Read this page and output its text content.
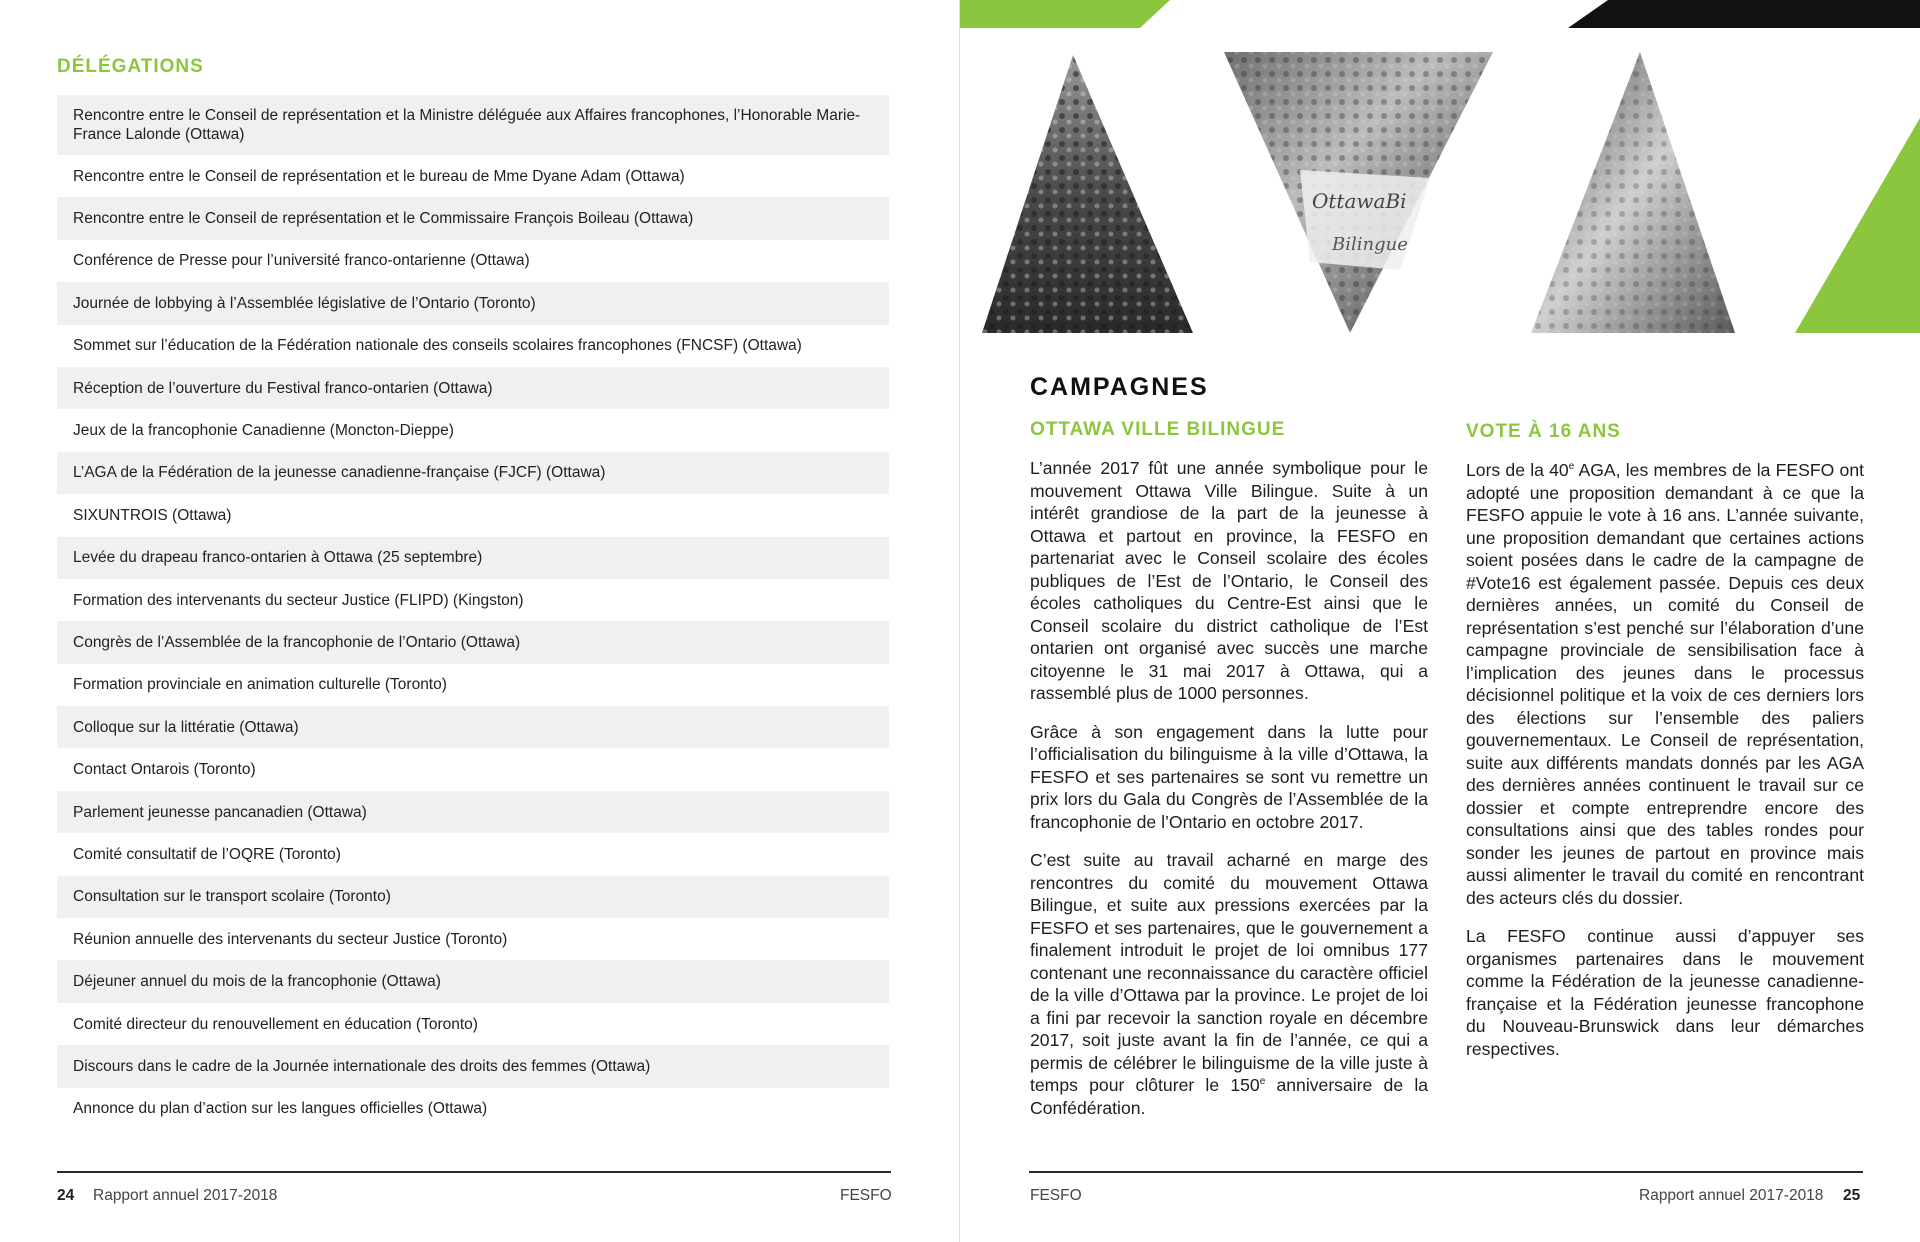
DÉLÉGATIONS
Rencontre entre le Conseil de représentation et la Ministre déléguée aux Affaires francophones, l’Honorable Marie-France Lalonde (Ottawa)
Rencontre entre le Conseil de représentation et le bureau de Mme Dyane Adam (Ottawa)
Rencontre entre le Conseil de représentation et le Commissaire François Boileau (Ottawa)
Conférence de Presse pour l’université franco-ontarienne (Ottawa)
Journée de lobbying à l’Assemblée législative de l’Ontario (Toronto)
Sommet sur l’éducation de la Fédération nationale des conseils scolaires francophones (FNCSF) (Ottawa)
Réception de l’ouverture du Festival franco-ontarien (Ottawa)
Jeux de la francophonie Canadienne (Moncton-Dieppe)
L’AGA de la Fédération de la jeunesse canadienne-française (FJCF) (Ottawa)
SIXUNTROIS (Ottawa)
Levée du drapeau franco-ontarien à Ottawa (25 septembre)
Formation des intervenants du secteur Justice (FLIPD) (Kingston)
Congrès de l’Assemblée de la francophonie de l’Ontario (Ottawa)
Formation provinciale en animation culturelle (Toronto)
Colloque sur la littératie (Ottawa)
Contact Ontarois (Toronto)
Parlement jeunesse pancanadien (Ottawa)
Comité consultatif de l’OQRE (Toronto)
Consultation sur le transport scolaire (Toronto)
Réunion annuelle des intervenants du secteur Justice (Toronto)
Déjeuner annuel du mois de la francophonie (Ottawa)
Comité directeur du renouvellement en éducation (Toronto)
Discours dans le cadre de la Journée internationale des droits des femmes (Ottawa)
Annonce du plan d’action sur les langues officielles (Ottawa)
24 Rapport annuel 2017-2018	FESFO
OttawaBi
Bilingue
CAMPAGNES
OTTAWA VILLE BILINGUE

L’année 2017 fût une année symbolique pour le mouvement Ottawa Ville Bilingue. Suite à un intérêt grandiose de la part de la jeunesse à Ottawa et partout en province, la FESFO en partenariat avec le Conseil scolaire des écoles publiques de l’Est de l’Ontario, le Conseil des écoles catholiques du Centre-Est ainsi que le Conseil scolaire du district catholique de l’Est ontarien ont organisé avec succès une marche citoyenne le 31 mai 2017 à Ottawa, qui a rassemblé plus de 1000 personnes.

Grâce à son engagement dans la lutte pour l’officialisation du bilinguisme à la ville d’Ottawa, la FESFO et ses partenaires se sont vu remettre un prix lors du Gala du Congrès de l’Assemblée de la francophonie de l’Ontario en octobre 2017.

C’est suite au travail acharné en marge des rencontres du comité du mouvement Ottawa Bilingue, et suite aux pressions exercées par la FESFO et ses partenaires, que le gouvernement a finalement introduit le projet de loi omnibus 177 contenant une reconnaissance du caractère officiel de la ville d’Ottawa par la province. Le projet de loi a fini par recevoir la sanction royale en décembre 2017, soit juste avant la fin de l’année, ce qui a permis de célébrer le bilinguisme de la ville juste à temps pour clôturer le 150e anniversaire de la Confédération.

VOTE À 16 ANS

Lors de la 40e AGA, les membres de la FESFO ont adopté une proposition demandant à ce que la FESFO appuie le vote à 16 ans. L’année suivante, une proposition demandant que certaines actions soient posées dans le cadre de la campagne de #Vote16 est également passée. Depuis ces deux dernières années, un comité du Conseil de représentation s’est penché sur l’élaboration d’une campagne provinciale de sensibilisation face à l’implication des jeunes dans le processus décisionnel politique et la voix de ces derniers lors des élections sur l’ensemble des paliers gouvernementaux. Le Conseil de représentation, suite aux différents mandats donnés par les AGA des dernières années continuent le travail sur ce dossier et compte entreprendre encore des consultations ainsi que des tables rondes pour sonder les jeunes de partout en province mais aussi alimenter le travail du comité en rencontrant des acteurs clés du dossier.

La FESFO continue aussi d’appuyer ses organismes partenaires dans le mouvement comme la Fédération de la jeunesse canadienne-française et la Fédération jeunesse francophone du Nouveau-Brunswick dans leur démarches respectives.

FESFO	Rapport annuel 2017-2018 25
